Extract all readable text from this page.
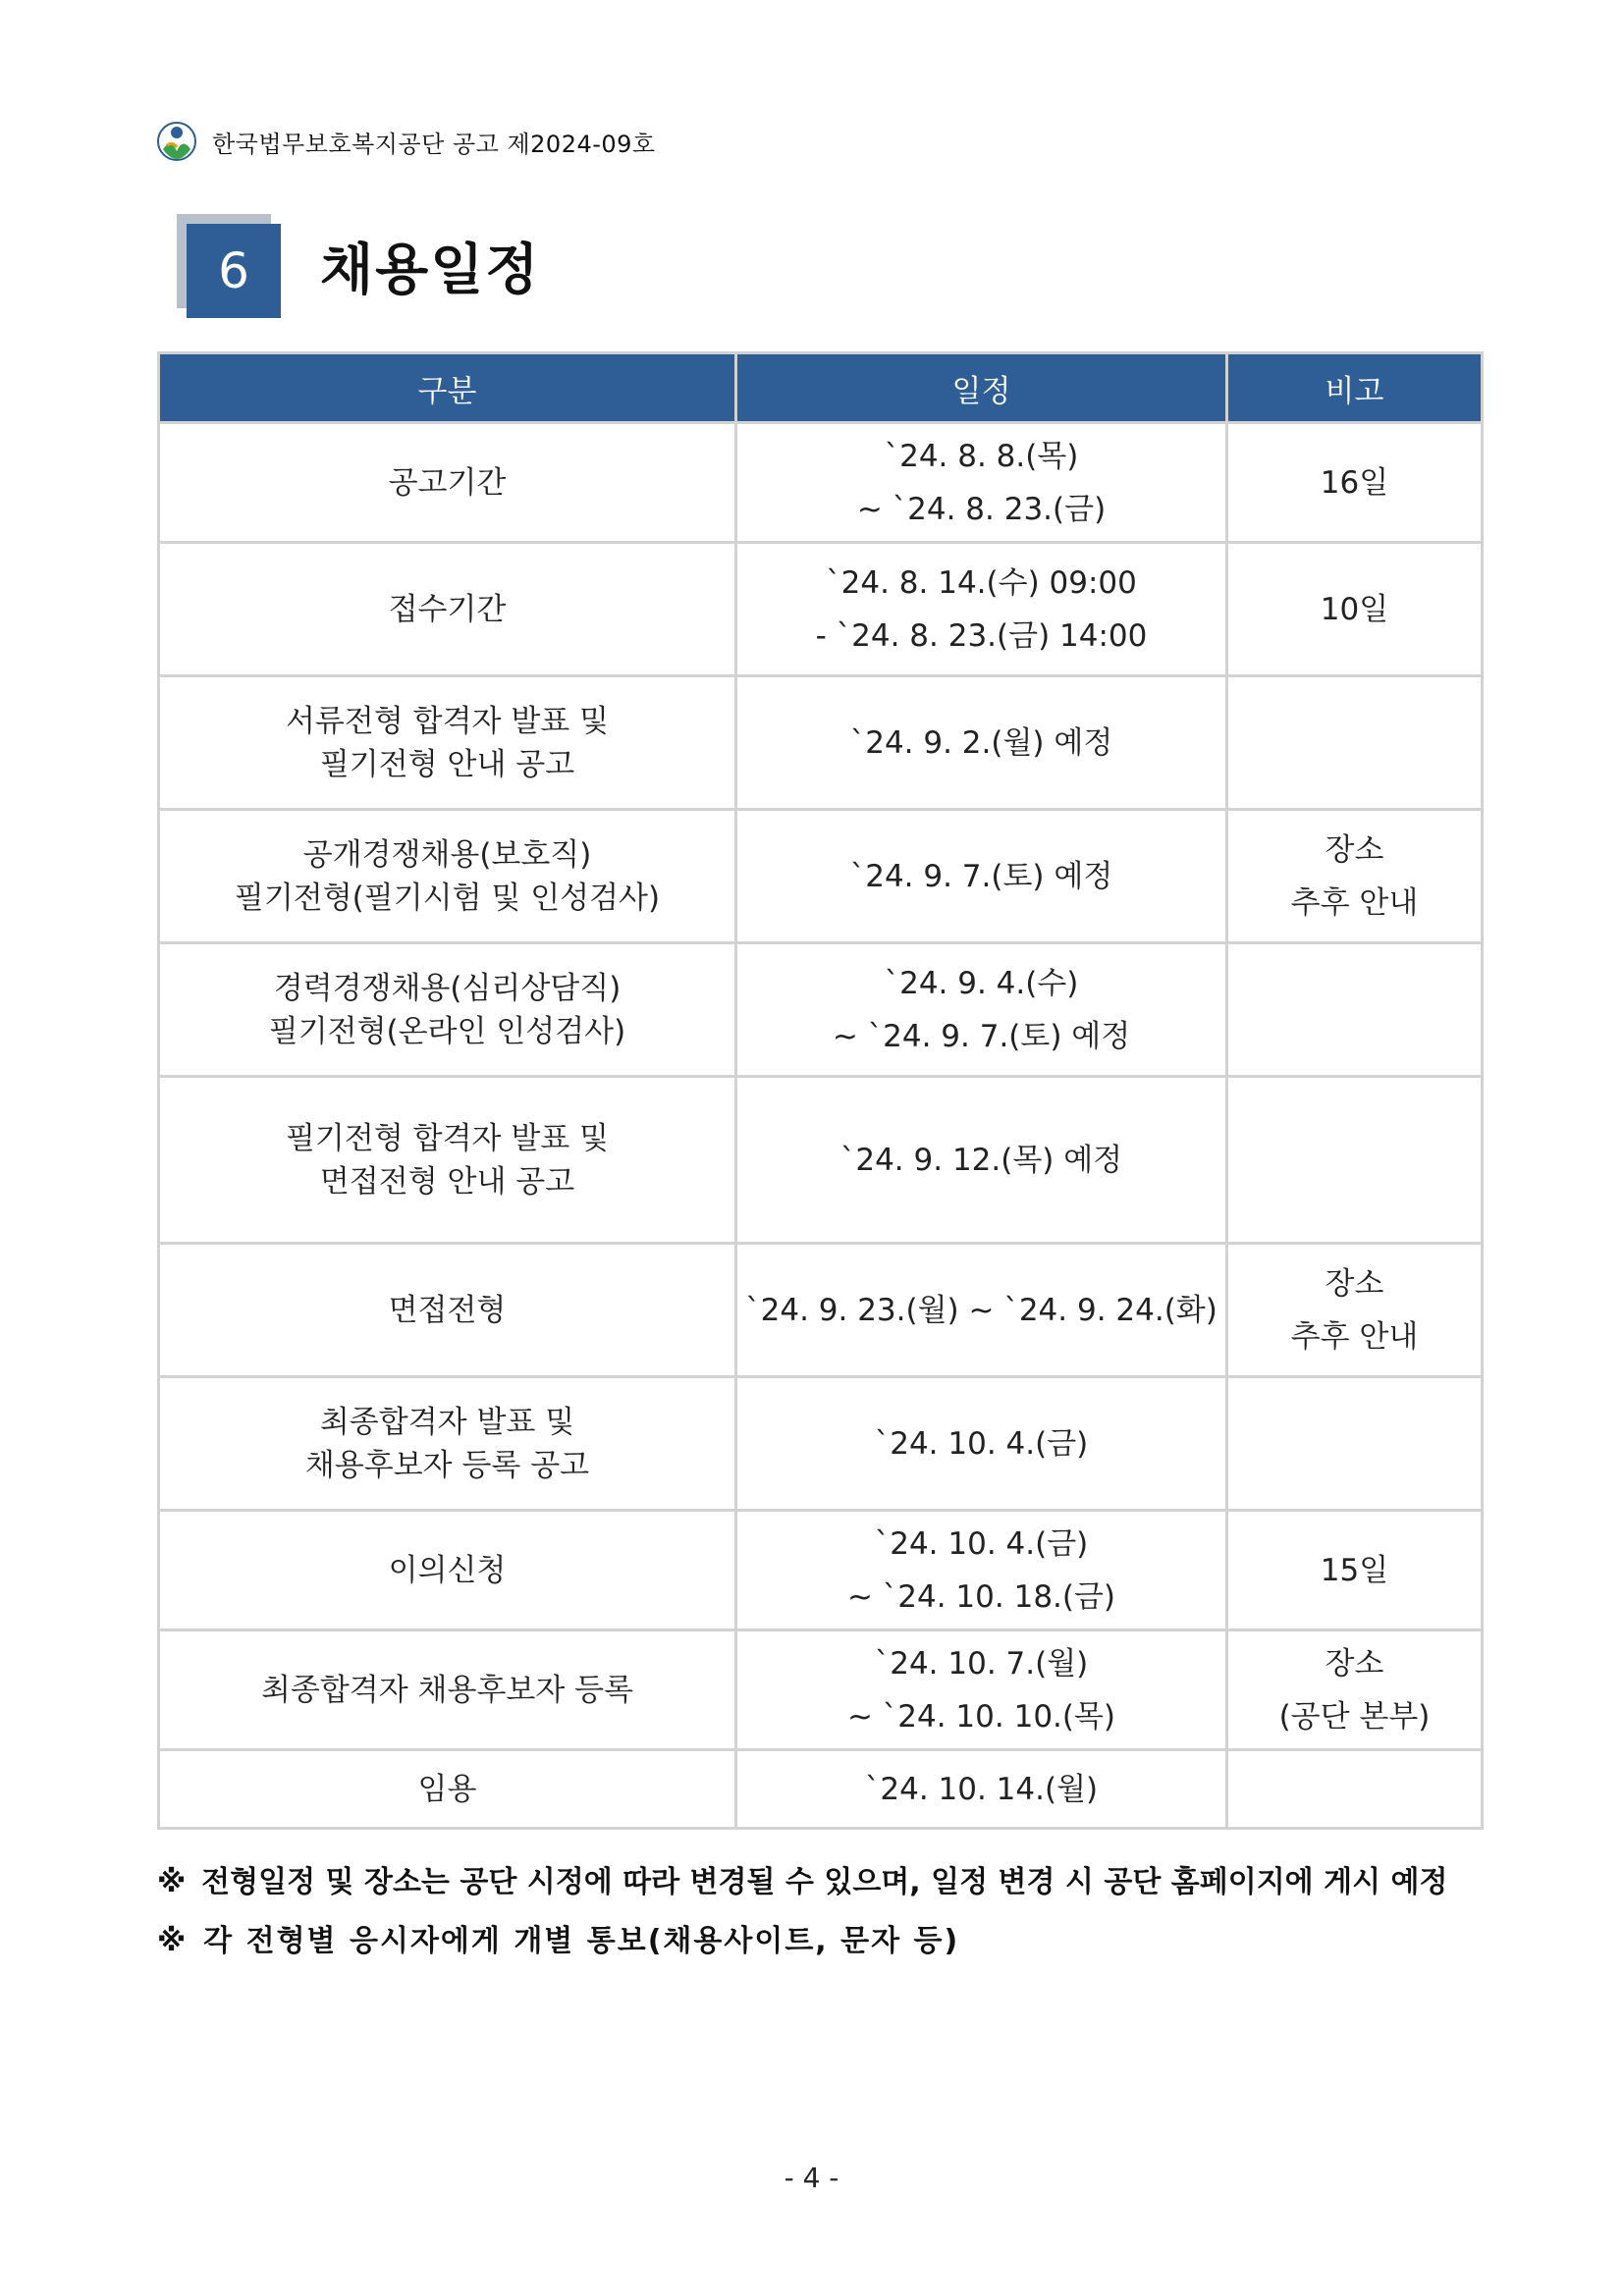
한국법무보호복지공단 공고 제2024-09호
6	채용일정
구분	일정	비고

공고기간	`24. 8. 8.(목)
~ `24. 8. 23.(금)	16일

접수기간	`24. 8. 14.(수) 09:00
- `24. 8. 23.(금) 14:00	10일

서류전형 합격자 발표 및
필기전형 안내 공고	`24. 9. 2.(월) 예정	

공개경쟁채용(보호직)
필기전형(필기시험 및 인성검사)	`24. 9. 7.(토) 예정	장소
추후 안내

경력경쟁채용(심리상담직)
필기전형(온라인 인성검사)	`24. 9. 4.(수)
~ `24. 9. 7.(토) 예정	

필기전형 합격자 발표 및
면접전형 안내 공고	`24. 9. 12.(목) 예정	

면접전형	`24. 9. 23.(월) ~ `24. 9. 24.(화)	장소
추후 안내

최종합격자 발표 및
채용후보자 등록 공고	`24. 10. 4.(금)	

이의신청	`24. 10. 4.(금)
~ `24. 10. 18.(금)	15일

최종합격자 채용후보자 등록	`24. 10. 7.(월)
~ `24. 10. 10.(목)	장소
(공단 본부)

임용	`24. 10. 14.(월)	

※ 전형일정 및 장소는 공단 시정에 따라 변경될 수 있으며, 일정 변경 시 공단 홈페이지에 게시 예정
※ 각 전형별 응시자에게 개별 통보(채용사이트, 문자 등)
- 4 -
